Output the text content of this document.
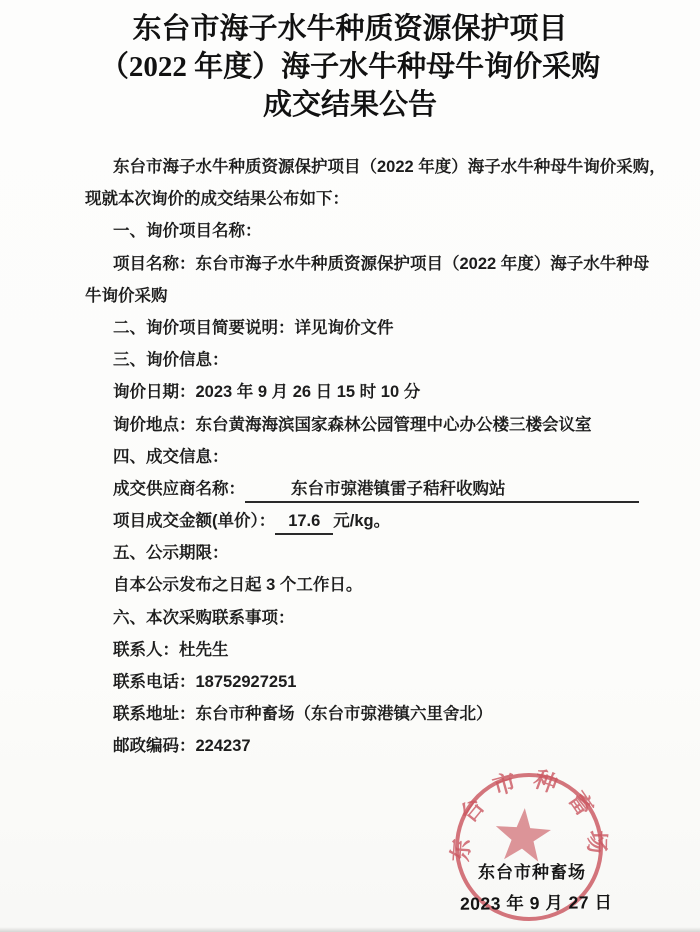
东台市海子水牛种质资源保护项目
（2022 年度）海子水牛种母牛询价采购
成交结果公告
东台市海子水牛种质资源保护项目（2022 年度）海子水牛种母牛询价采购，
现就本次询价的成交结果公布如下：
一、询价项目名称：
项目名称：东台市海子水牛种质资源保护项目（2022 年度）海子水牛种母
牛询价采购
二、询价项目简要说明：详见询价文件
三、询价信息：
询价日期：2023 年 9 月 26 日 15 时 10 分
询价地点：东台黄海海滨国家森林公园管理中心办公楼三楼会议室
四、成交信息：
成交供应商名称：	东台市弶港镇雷子秸秆收购站
项目成交金额(单价）： 17.6 元/kg。
五、公示期限：
自本公示发布之日起 3 个工作日。
六、本次采购联系事项：
联系人：杜先生
联系电话：18752927251
联系地址：东台市种畜场（东台市弶港镇六里舍北）
邮政编码：224237
东台市种畜场
东台市种畜场
2023 年 9 月 27 日
